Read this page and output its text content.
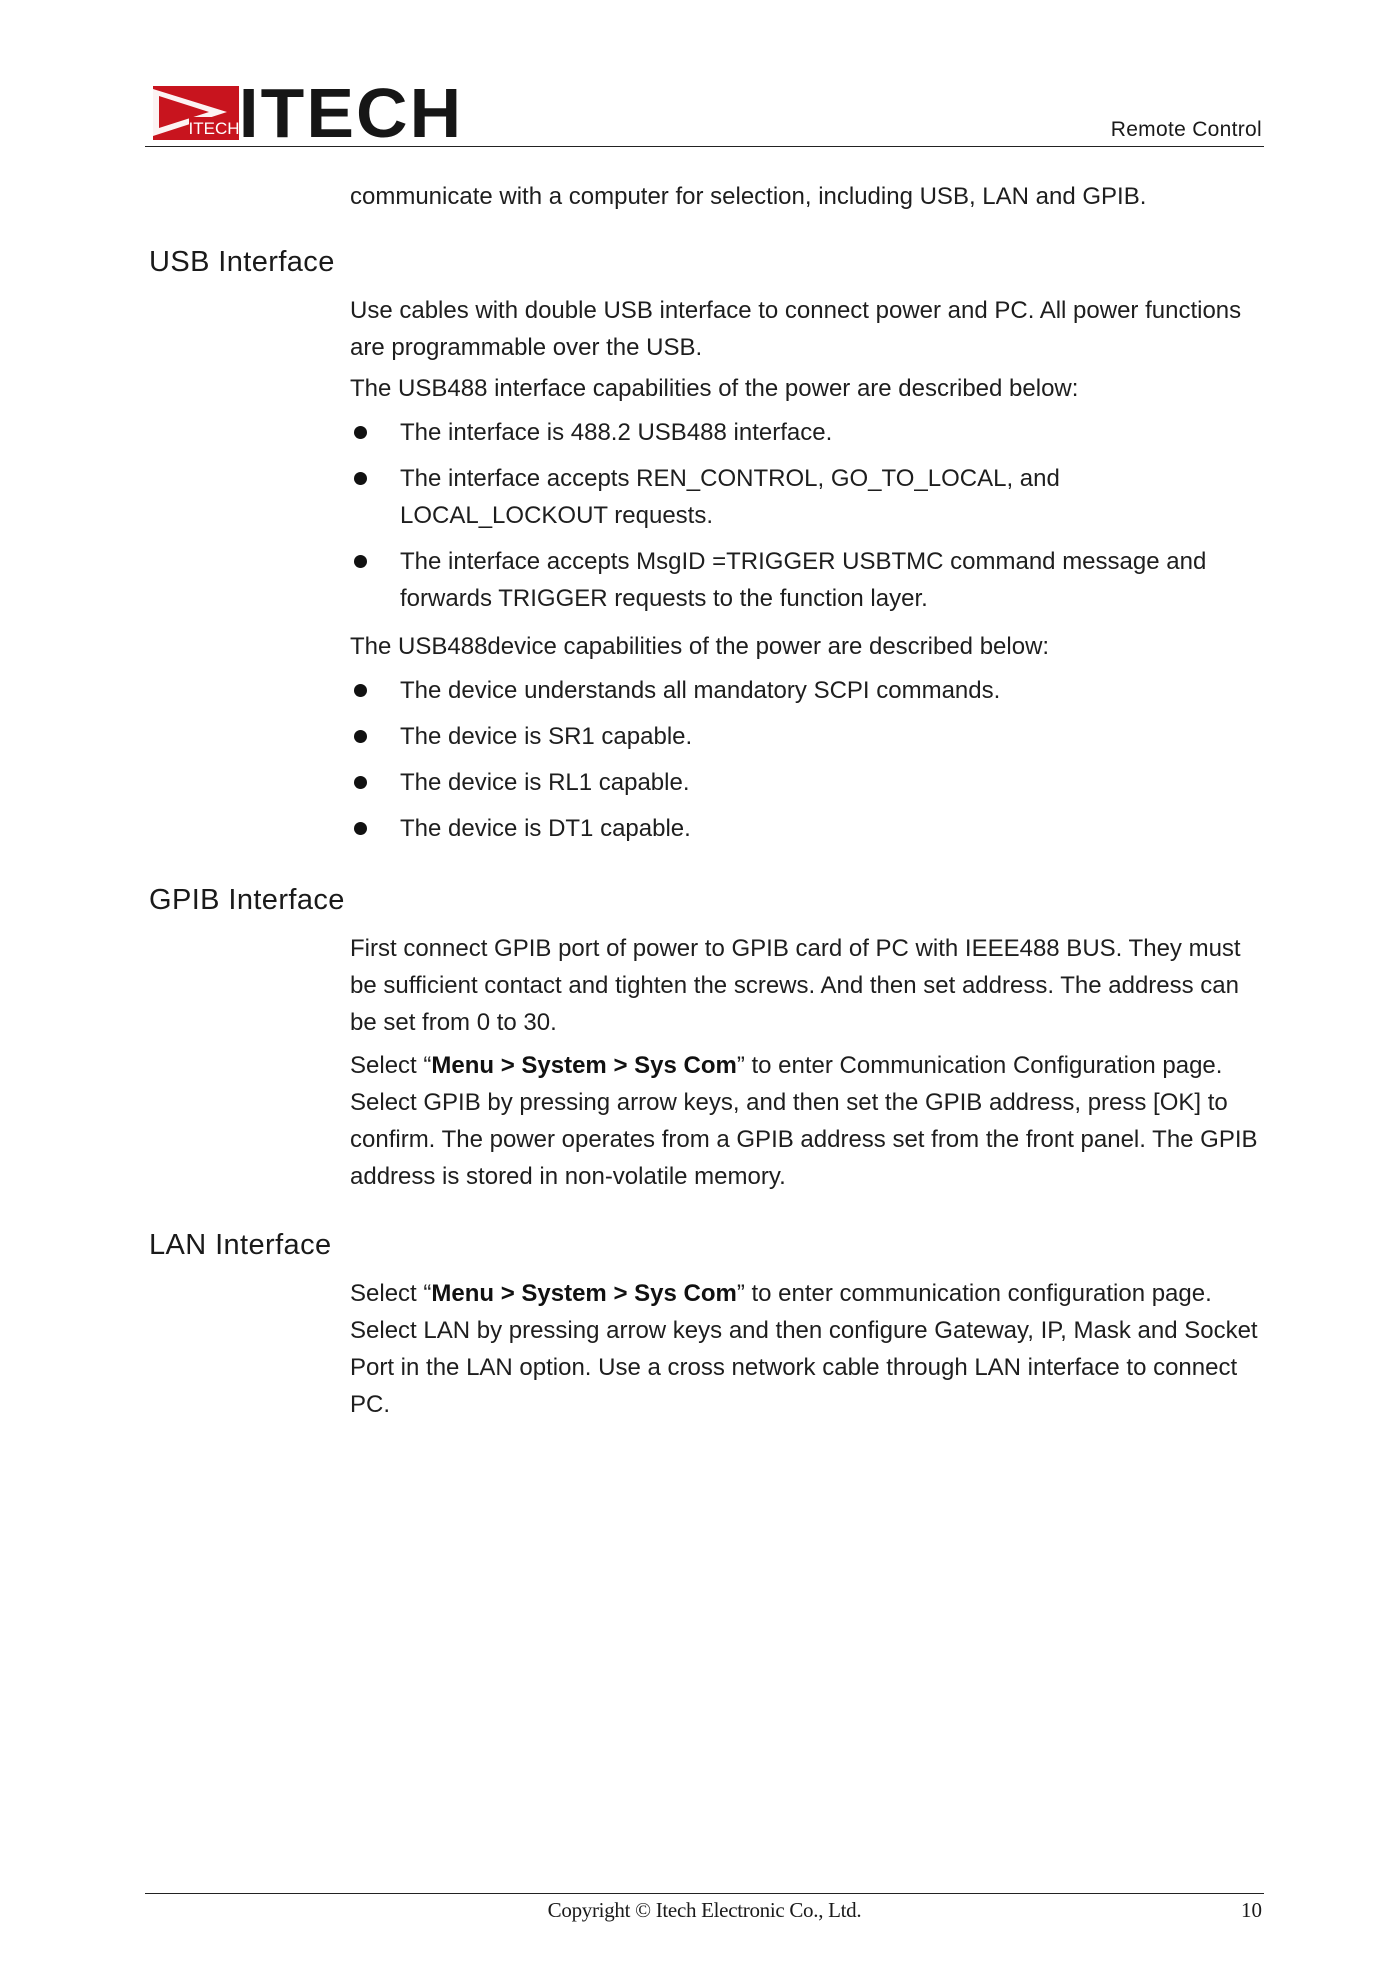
ITECH ITECH	Remote Control

communicate with a computer for selection, including USB, LAN and GPIB.

USB Interface

Use cables with double USB interface to connect power and PC. All power functions are programmable over the USB.

The USB488 interface capabilities of the power are described below:

The interface is 488.2 USB488 interface.
The interface accepts REN_CONTROL, GO_TO_LOCAL, and LOCAL_LOCKOUT requests.
The interface accepts MsgID =TRIGGER USBTMC command message and forwards TRIGGER requests to the function layer.

The USB488device capabilities of the power are described below:

The device understands all mandatory SCPI commands.
The device is SR1 capable.
The device is RL1 capable.
The device is DT1 capable.
GPIB Interface

First connect GPIB port of power to GPIB card of PC with IEEE488 BUS. They must be sufficient contact and tighten the screws. And then set address. The address can be set from 0 to 30.

Select “Menu > System > Sys Com” to enter Communication Configuration page. Select GPIB by pressing arrow keys, and then set the GPIB address, press [OK] to confirm. The power operates from a GPIB address set from the front panel. The GPIB address is stored in non-volatile memory.

LAN Interface

Select “Menu > System > Sys Com” to enter communication configuration page. Select LAN by pressing arrow keys and then configure Gateway, IP, Mask and Socket Port in the LAN option. Use a cross network cable through LAN interface to connect PC.

Copyright © Itech Electronic Co., Ltd.	10
